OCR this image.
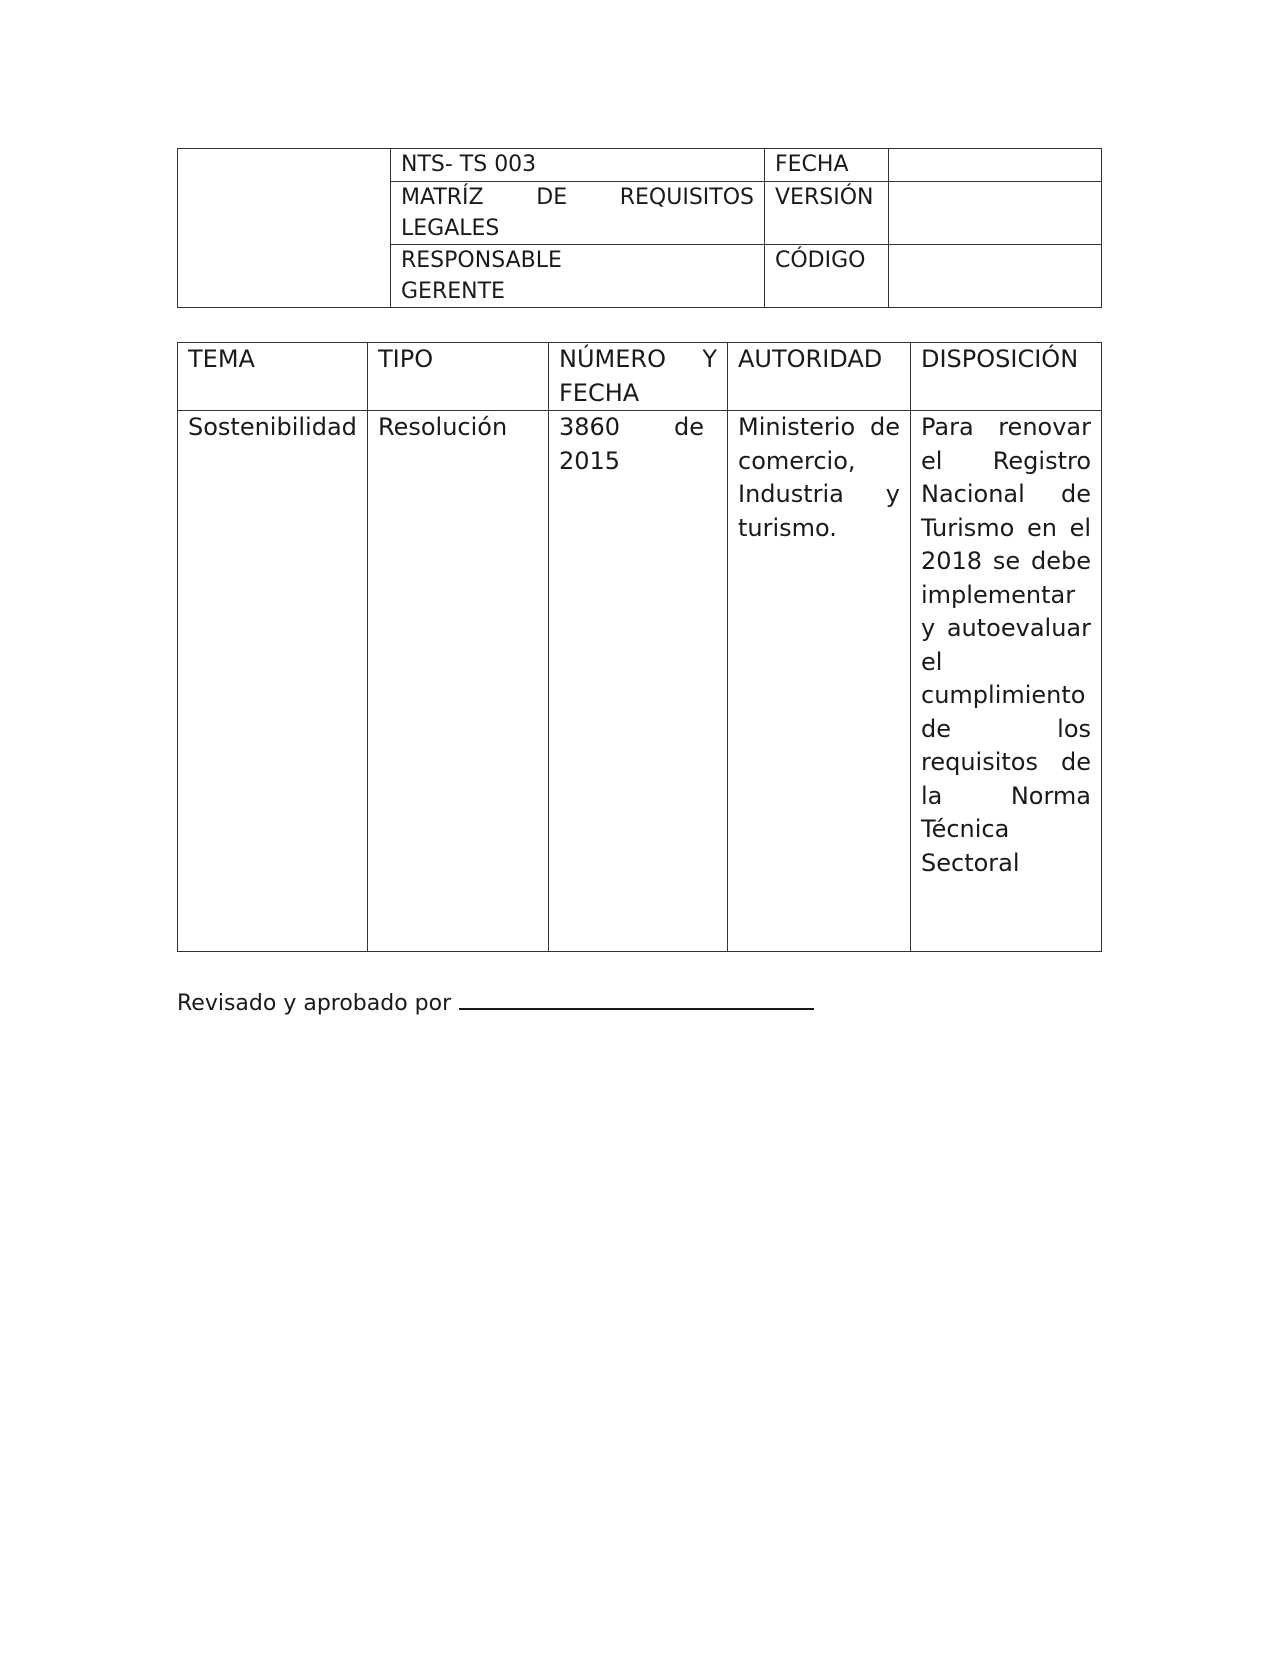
	NTS- TS 003	FECHA	

	MATRÍZ DE REQUISITOS LEGALES	VERSIÓN	

	RESPONSABLE GERENTE	CÓDIGO	

TEMA	TIPO	NÚMERO Y FECHA	AUTORIDAD	DISPOSICIÓN

Sostenibilidad	Resolución	3860 de 2015	Ministerio de comercio, Industria y turismo.	Para renovar el Registro Nacional de Turismo en el 2018 se debe implementar y autoevaluar el cumplimiento de los requisitos de la Norma Técnica Sectoral
Revisado y aprobado por
